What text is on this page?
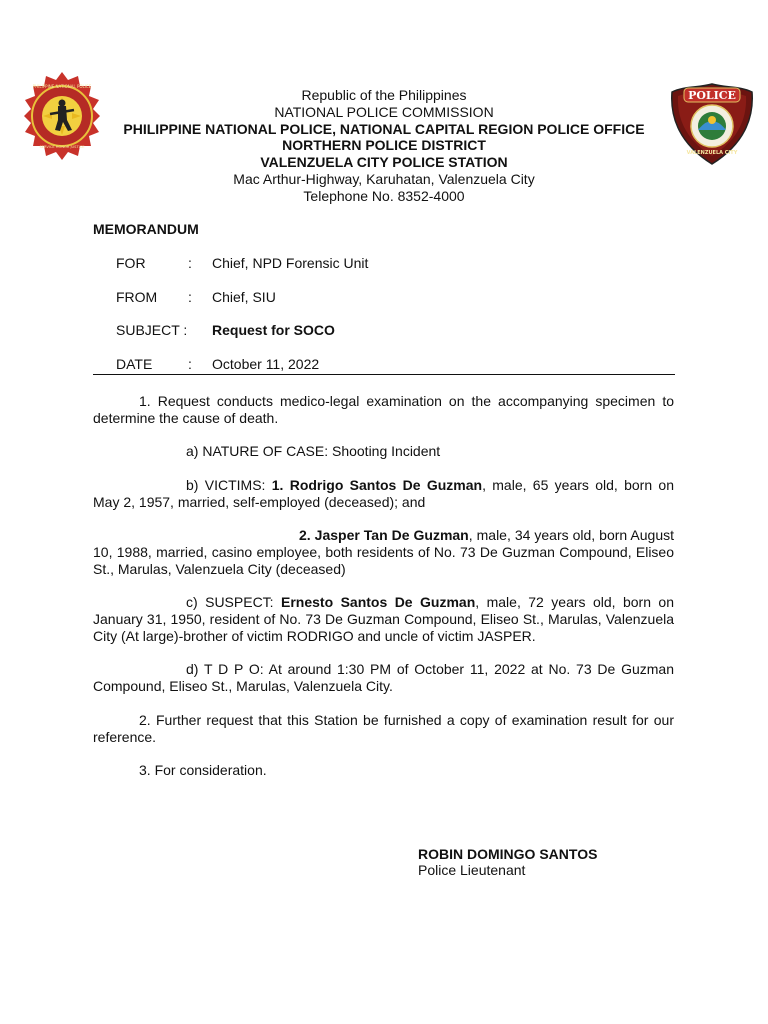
PHILIPPINE NATIONAL POLICE
SERVICE HONOR JUSTICE
POLICE
VALENZUELA CITY
Republic of the Philippines
NATIONAL POLICE COMMISSION
PHILIPPINE NATIONAL POLICE, NATIONAL CAPITAL REGION POLICE OFFICE
NORTHERN POLICE DISTRICT
VALENZUELA CITY POLICE STATION
Mac Arthur-Highway, Karuhatan, Valenzuela City
Telephone No. 8352-4000
MEMORANDUM
FOR	: Chief, NPD Forensic Unit
FROM : Chief, SIU
SUBJECT : Request for SOCO
DATE	: October 11, 2022
1. Request conducts medico-legal examination on the accompanying specimen to determine the cause of death.
a) NATURE OF CASE: Shooting Incident
b) VICTIMS: 1. Rodrigo Santos De Guzman, male, 65 years old, born on May 2, 1957, married, self-employed (deceased); and
2. Jasper Tan De Guzman, male, 34 years old, born August 10, 1988, married, casino employee, both residents of No. 73 De Guzman Compound, Eliseo St., Marulas, Valenzuela City (deceased)
c) SUSPECT: Ernesto Santos De Guzman, male, 72 years old, born on January 31, 1950, resident of No. 73 De Guzman Compound, Eliseo St., Marulas, Valenzuela City (At large)-brother of victim RODRIGO and uncle of victim JASPER.
d) T D P O: At around 1:30 PM of October 11, 2022 at No. 73 De Guzman Compound, Eliseo St., Marulas, Valenzuela City.
2. Further request that this Station be furnished a copy of examination result for our reference.
3. For consideration.
ROBIN DOMINGO SANTOS
Police Lieutenant
